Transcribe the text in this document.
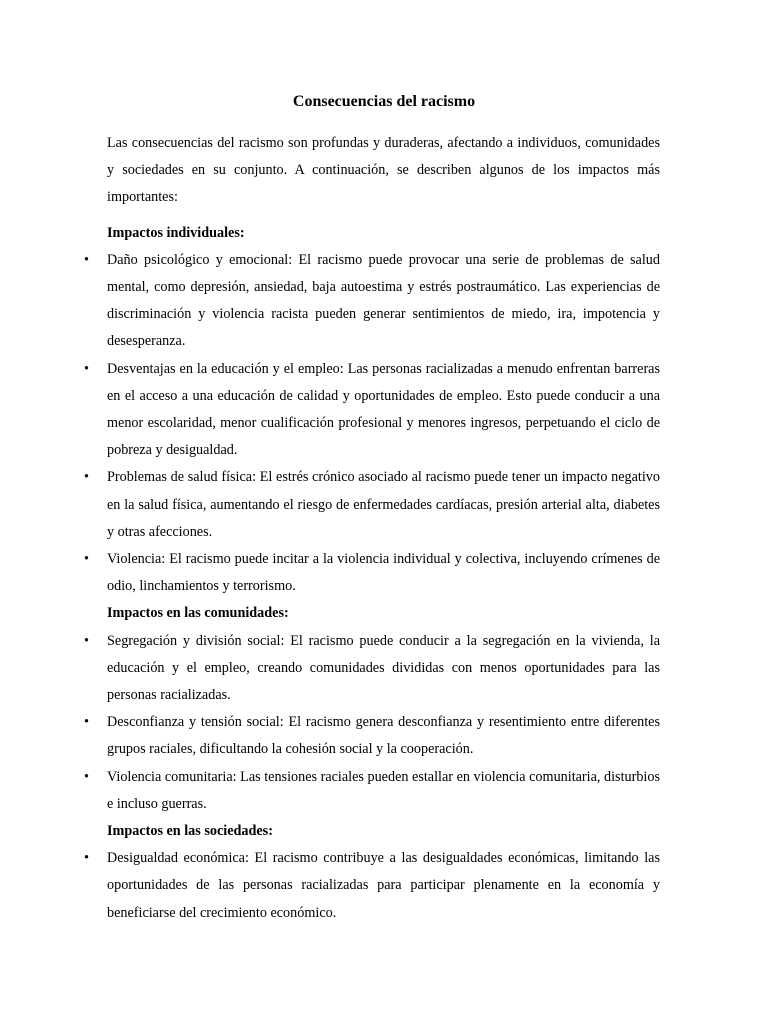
Consecuencias del racismo

Las consecuencias del racismo son profundas y duraderas, afectando a individuos, comunidades y sociedades en su conjunto. A continuación, se describen algunos de los impactos más importantes:

Impactos individuales:

• Daño psicológico y emocional: El racismo puede provocar una serie de problemas de salud mental, como depresión, ansiedad, baja autoestima y estrés postraumático. Las experiencias de discriminación y violencia racista pueden generar sentimientos de miedo, ira, impotencia y desesperanza.
• Desventajas en la educación y el empleo: Las personas racializadas a menudo enfrentan barreras en el acceso a una educación de calidad y oportunidades de empleo. Esto puede conducir a una menor escolaridad, menor cualificación profesional y menores ingresos, perpetuando el ciclo de pobreza y desigualdad.
• Problemas de salud física: El estrés crónico asociado al racismo puede tener un impacto negativo en la salud física, aumentando el riesgo de enfermedades cardíacas, presión arterial alta, diabetes y otras afecciones.
• Violencia: El racismo puede incitar a la violencia individual y colectiva, incluyendo crímenes de odio, linchamientos y terrorismo.

Impactos en las comunidades:

• Segregación y división social: El racismo puede conducir a la segregación en la vivienda, la educación y el empleo, creando comunidades divididas con menos oportunidades para las personas racializadas.
• Desconfianza y tensión social: El racismo genera desconfianza y resentimiento entre diferentes grupos raciales, dificultando la cohesión social y la cooperación.
• Violencia comunitaria: Las tensiones raciales pueden estallar en violencia comunitaria, disturbios e incluso guerras.

Impactos en las sociedades:

• Desigualdad económica: El racismo contribuye a las desigualdades económicas, limitando las oportunidades de las personas racializadas para participar plenamente en la economía y beneficiarse del crecimiento económico.
